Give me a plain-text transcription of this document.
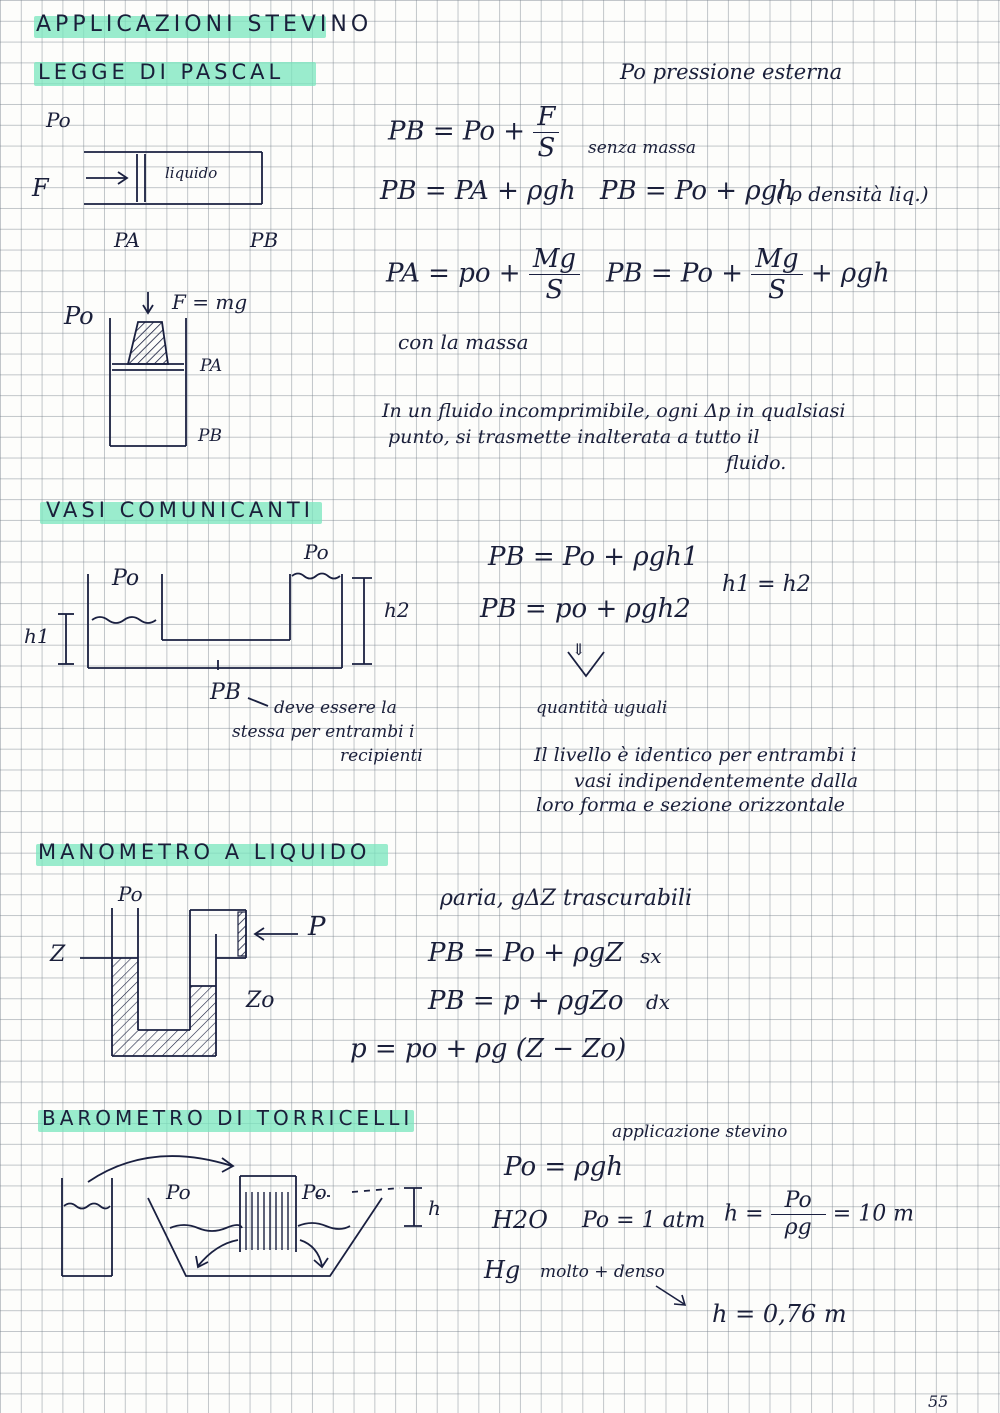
APPLICAZIONI STEVINO
LEGGE DI PASCAL
Po
F
liquido
PA	PB
Po	F = mg
PA
PB
Po pressione esterna
PB = $Po + \frac{F}{S}$ senza massa
PB = PA + ρgh PB = Po + ρgh
( ρ densità liq.)
PA = po + $\frac{Mg}{S}$ PB = $Po + \frac{Mg}{S} + \rho gh$
con la massa
In un fluido incomprimibile, ogni Δp in qualsiasi
punto, si trasmette inalterata a tutto il
fluido.
VASI COMUNICANTI
Po
Po
h1
h2
PB
deve essere la
stessa per entrambi i
recipienti
PB = Po + ρgh1
PB = po + ρgh2
h1 = h2
⇓
quantità uguali
Il livello è identico per entrambi i
vasi indipendentemente dalla
loro forma e sezione orizzontale
MANOMETRO A LIQUIDO
Po
Z
Zo
P
ρaria, gΔZ trascurabili
PB = Po + ρgZ sx
PB = p + ρgZo dx
p = po + ρg (Z − Zo)
BAROMETRO DI TORRICELLI
Po	Po
h
applicazione stevino
Po = ρgh
H2O Po = 1 atm $h = \frac{Po}{\rho g} = 10$ m
Hg molto + denso
h = 0,76 m
55
